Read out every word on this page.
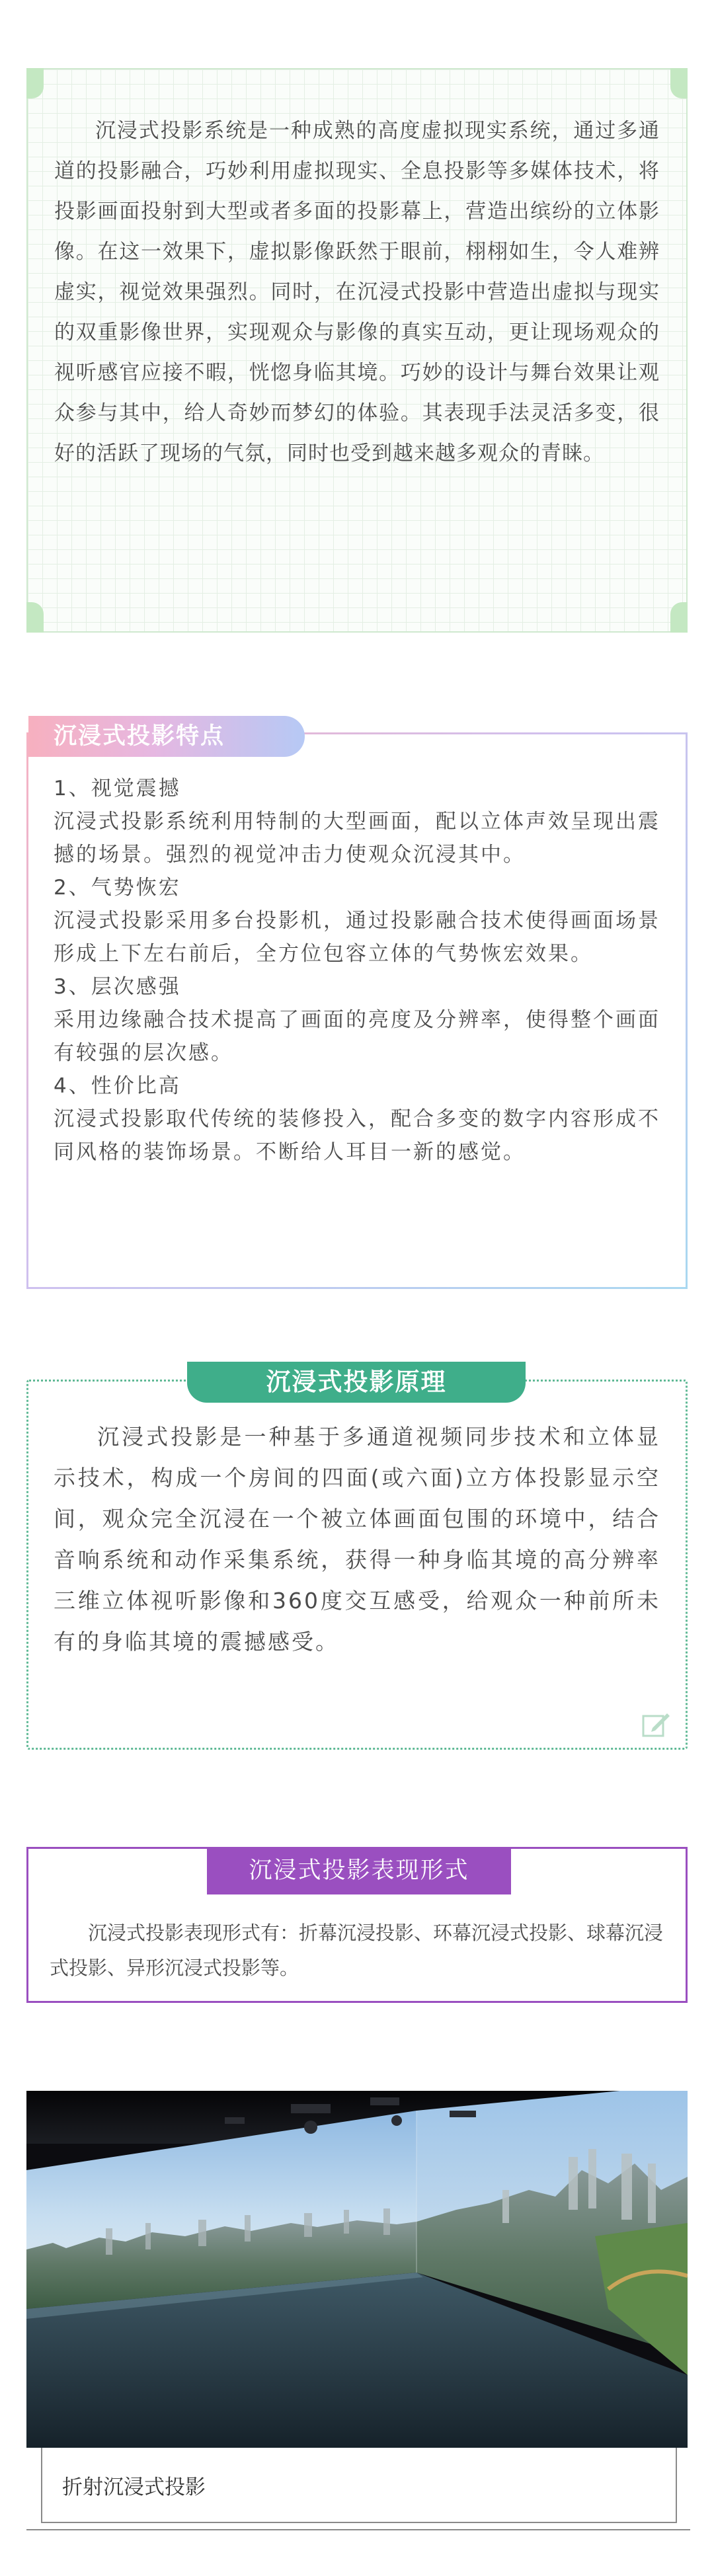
沉浸式投影系统是一种成熟的高度虚拟现实系统，通过多通道的投影融合，巧妙利用虚拟现实、全息投影等多媒体技术，将投影画面投射到大型或者多面的投影幕上，营造出缤纷的立体影像。在这一效果下，虚拟影像跃然于眼前，栩栩如生，令人难辨虚实，视觉效果强烈。同时，在沉浸式投影中营造出虚拟与现实的双重影像世界，实现观众与影像的真实互动，更让现场观众的视听感官应接不暇，恍惚身临其境。巧妙的设计与舞台效果让观众参与其中，给人奇妙而梦幻的体验。其表现手法灵活多变，很好的活跃了现场的气氛，同时也受到越来越多观众的青睐。

沉浸式投影特点
1、视觉震撼
沉浸式投影系统利用特制的大型画面，配以立体声效呈现出震撼的场景。强烈的视觉冲击力使观众沉浸其中。
2、气势恢宏
沉浸式投影采用多台投影机，通过投影融合技术使得画面场景形成上下左右前后，全方位包容立体的气势恢宏效果。
3、层次感强
采用边缘融合技术提高了画面的亮度及分辨率，使得整个画面有较强的层次感。
4、性价比高
沉浸式投影取代传统的装修投入，配合多变的数字内容形成不同风格的装饰场景。不断给人耳目一新的感觉。
沉浸式投影原理

沉浸式投影是一种基于多通道视频同步技术和立体显示技术，构成一个房间的四面(或六面)立方体投影显示空间，观众完全沉浸在一个被立体画面包围的环境中，结合音响系统和动作采集系统，获得一种身临其境的高分辨率三维立体视听影像和360度交互感受，给观众一种前所未有的身临其境的震撼感受。

沉浸式投影表现形式

沉浸式投影表现形式有：折幕沉浸投影、环幕沉浸式投影、球幕沉浸式投影、异形沉浸式投影等。

折射沉浸式投影
